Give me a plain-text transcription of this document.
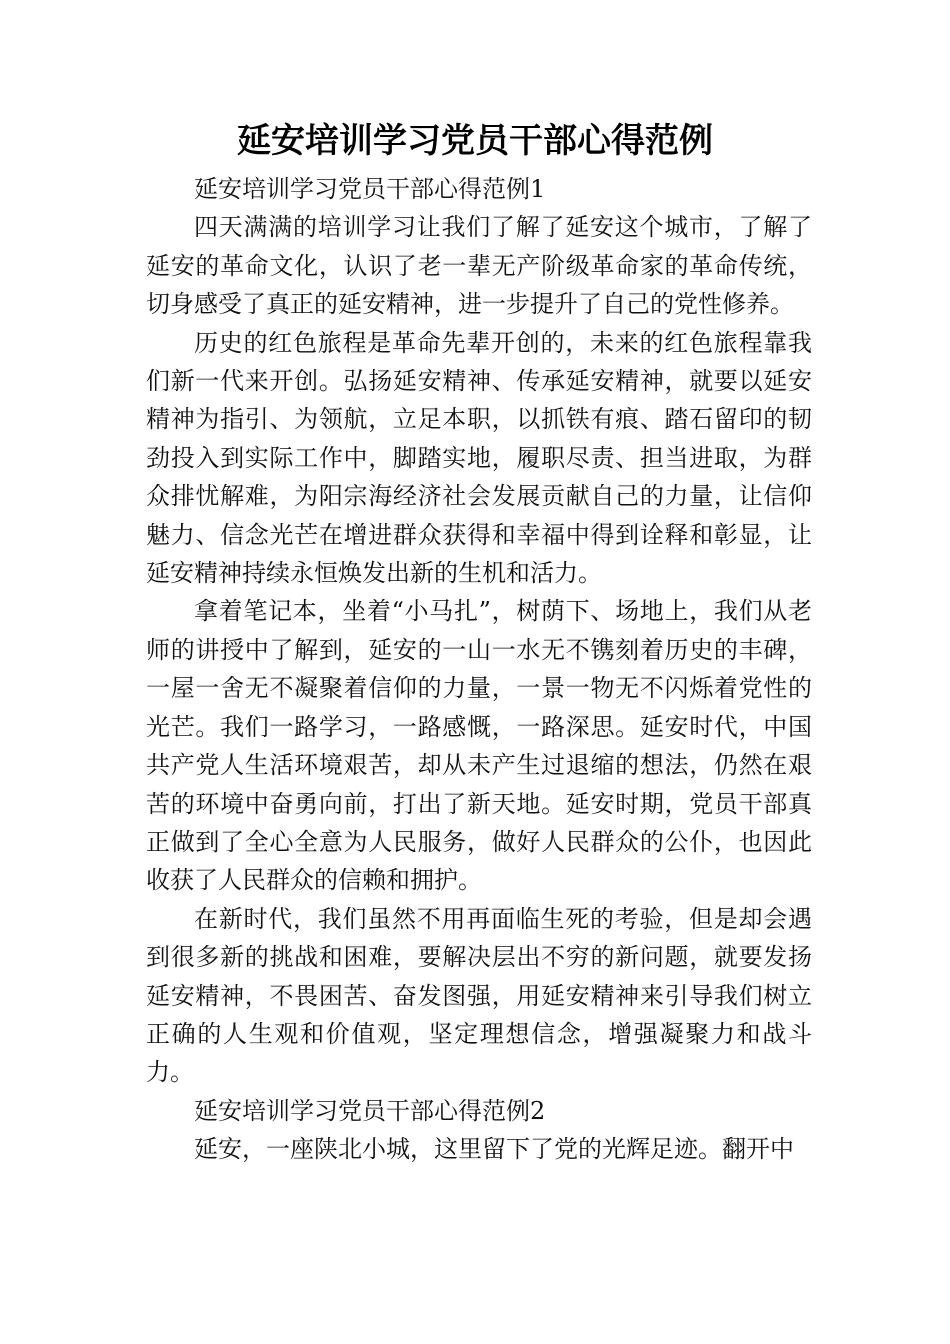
延安培训学习党员干部心得范例

延安培训学习党员干部心得范例1

四天满满的培训学习让我们了解了延安这个城市，了解了延安的革命文化，认识了老一辈无产阶级革命家的革命传统，切身感受了真正的延安精神，进一步提升了自己的党性修养。

历史的红色旅程是革命先辈开创的，未来的红色旅程靠我们新一代来开创。弘扬延安精神、传承延安精神，就要以延安精神为指引、为领航，立足本职，以抓铁有痕、踏石留印的韧劲投入到实际工作中，脚踏实地，履职尽责、担当进取，为群众排忧解难，为阳宗海经济社会发展贡献自己的力量，让信仰魅力、信念光芒在增进群众获得和幸福中得到诠释和彰显，让延安精神持续永恒焕发出新的生机和活力。

拿着笔记本，坐着“小马扎”，树荫下、场地上，我们从老师的讲授中了解到，延安的一山一水无不镌刻着历史的丰碑，一屋一舍无不凝聚着信仰的力量，一景一物无不闪烁着党性的光芒。我们一路学习，一路感慨，一路深思。延安时代，中国共产党人生活环境艰苦，却从未产生过退缩的想法，仍然在艰苦的环境中奋勇向前，打出了新天地。延安时期，党员干部真正做到了全心全意为人民服务，做好人民群众的公仆，也因此收获了人民群众的信赖和拥护。

在新时代，我们虽然不用再面临生死的考验，但是却会遇到很多新的挑战和困难，要解决层出不穷的新问题，就要发扬延安精神，不畏困苦、奋发图强，用延安精神来引导我们树立正确的人生观和价值观，坚定理想信念，增强凝聚力和战斗力。

延安培训学习党员干部心得范例2

延安，一座陕北小城，这里留下了党的光辉足迹。翻开中
